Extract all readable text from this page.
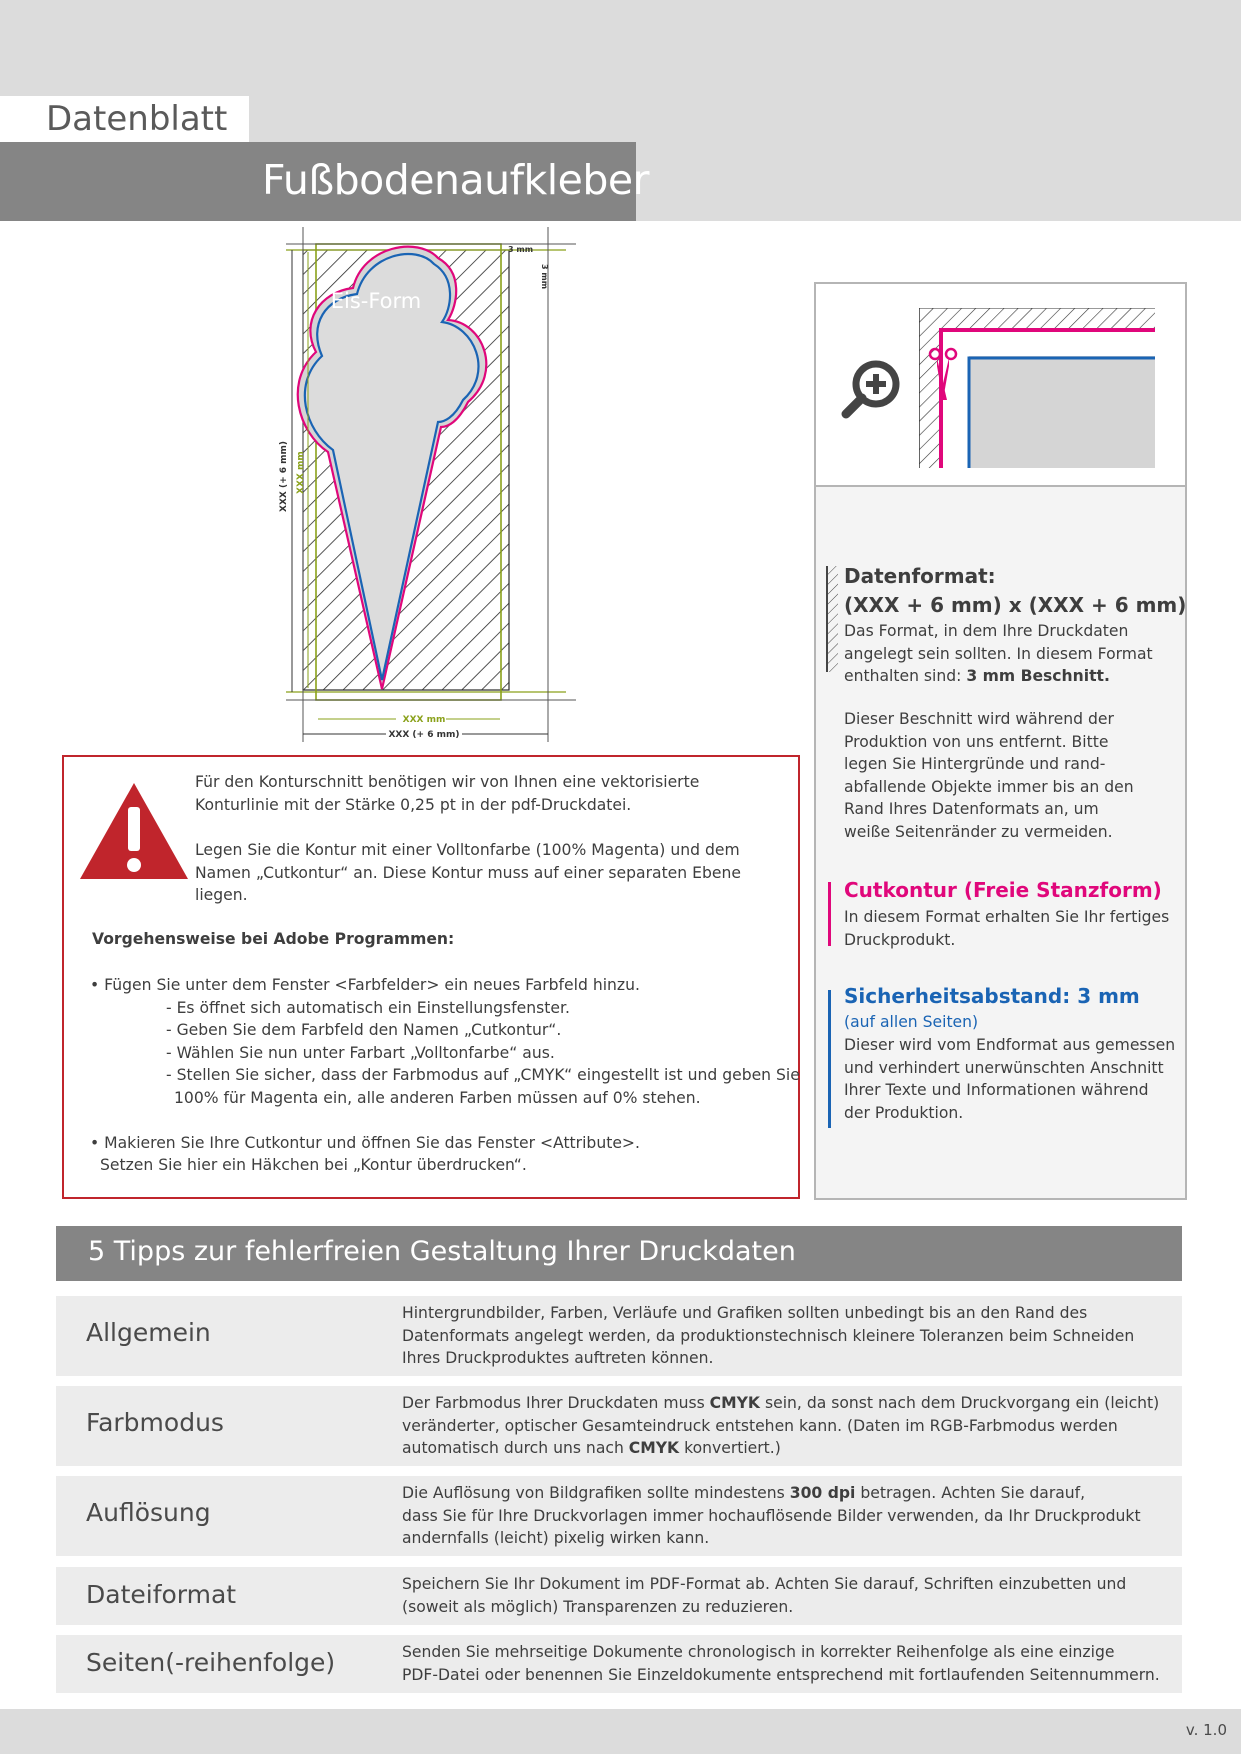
Datenblatt
Fußbodenaufkleber
Eis-Form
3 mm
3 mm
XXX (+ 6 mm) XXX mm
XXX mm
XXX (+ 6 mm)
Für den Konturschnitt benötigen wir von Ihnen eine vektorisierte
Konturlinie mit der Stärke 0,25 pt in der pdf-Druckdatei.
Legen Sie die Kontur mit einer Volltonfarbe (100% Magenta) und dem
Namen „Cutkontur“ an. Diese Kontur muss auf einer separaten Ebene liegen.
Vorgehensweise bei Adobe Programmen:
• Fügen Sie unter dem Fenster <Farbfelder> ein neues Farbfeld hinzu.
- Es öffnet sich automatisch ein Einstellungsfenster.
- Geben Sie dem Farbfeld den Namen „Cutkontur“.
- Wählen Sie nun unter Farbart „Volltonfarbe“ aus.
- Stellen Sie sicher, dass der Farbmodus auf „CMYK“ eingestellt ist und geben Sie
100% für Magenta ein, alle anderen Farben müssen auf 0% stehen.
• Makieren Sie Ihre Cutkontur und öffnen Sie das Fenster <Attribute>.
Setzen Sie hier ein Häkchen bei „Kontur überdrucken“.
Datenformat:
(XXX + 6 mm) x (XXX + 6 mm)
Das Format, in dem Ihre Druckdaten
angelegt sein sollten. In diesem Format
enthalten sind: 3 mm Beschnitt.
Dieser Beschnitt wird während der
Produktion von uns entfernt. Bitte
legen Sie Hintergründe und rand-
abfallende Objekte immer bis an den
Rand Ihres Datenformats an, um
weiße Seitenränder zu vermeiden.
Cutkontur (Freie Stanzform)
In diesem Format erhalten Sie Ihr fertiges
Druckprodukt.
Sicherheitsabstand: 3 mm
(auf allen Seiten)
Dieser wird vom Endformat aus gemessen
und verhindert unerwünschten Anschnitt
Ihrer Texte und Informationen während
der Produktion.
5 Tipps zur fehlerfreien Gestaltung Ihrer Druckdaten
Allgemein
Hintergrundbilder, Farben, Verläufe und Grafiken sollten unbedingt bis an den Rand des
Datenformats angelegt werden, da produktionstechnisch kleinere Toleranzen beim Schneiden
Ihres Druckproduktes auftreten können.
Farbmodus
Der Farbmodus Ihrer Druckdaten muss CMYK sein, da sonst nach dem Druckvorgang ein (leicht)
veränderter, optischer Gesamteindruck entstehen kann. (Daten im RGB-Farbmodus werden
automatisch durch uns nach CMYK konvertiert.)
Auflösung
Die Auflösung von Bildgrafiken sollte mindestens 300 dpi betragen. Achten Sie darauf,
dass Sie für Ihre Druckvorlagen immer hochauflösende Bilder verwenden, da Ihr Druckprodukt
andernfalls (leicht) pixelig wirken kann.
Dateiformat	Speichern Sie Ihr Dokument im PDF-Format ab. Achten Sie darauf, Schriften einzubetten und
(soweit als möglich) Transparenzen zu reduzieren.
Seiten(-reihenfolge)	Senden Sie mehrseitige Dokumente chronologisch in korrekter Reihenfolge als eine einzige
PDF-Datei oder benennen Sie Einzeldokumente entsprechend mit fortlaufenden Seitennummern.
v. 1.0
